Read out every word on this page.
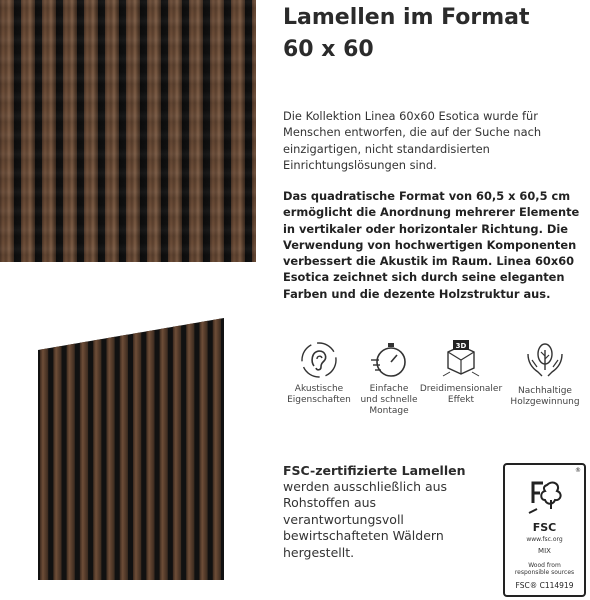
Lamellen im Format
60 x 60
Die Kollektion Linea 60x60 Esotica wurde für Menschen entworfen, die auf der Suche nach einzigartigen, nicht standardisierten Einrichtungslösungen sind.
Das quadratische Format von 60,5 x 60,5 cm ermöglicht die Anordnung mehrerer Elemente in vertikaler oder horizontaler Richtung. Die Verwendung von hochwertigen Komponenten verbessert die Akustik im Raum. Linea 60x60 Esotica zeichnet sich durch seine eleganten Farben und die dezente Holzstruktur aus.
Akustische
Eigenschaften
Einfache
und schnelle
Montage
3D
Dreidimensionaler
Effekt
Nachhaltige
Holzgewinnung
FSC-zertifizierte Lamellen
werden ausschließlich aus Rohstoffen aus verantwortungsvoll bewirtschafteten Wäldern hergestellt.
®
FSC
www.fsc.org
MIX
Wood from
responsible sources
FSC® C114919
